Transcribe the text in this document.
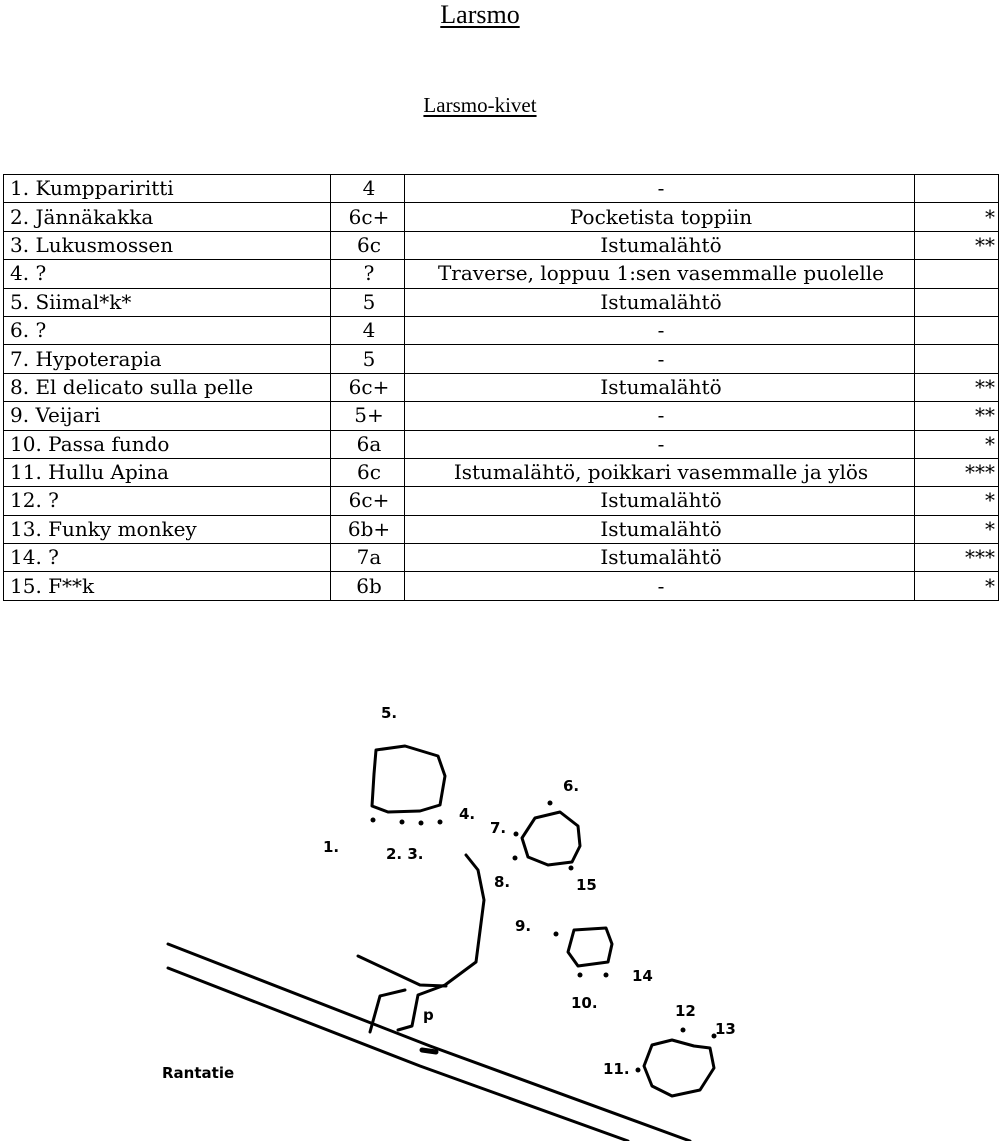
Larsmo
Larsmo-kivet
1. Kumppariritti	4	-	
2. Jännäkakka	6c+	Pocketista toppiin	*
3. Lukusmossen	6c	Istumalähtö	**
4. ?	?	Traverse, loppuu 1:sen vasemmalle puolelle	
5. Siimal*k*	5	Istumalähtö	
6. ?	4	-	
7. Hypoterapia	5	-	
8. El delicato sulla pelle	6c+	Istumalähtö	**
9. Veijari	5+	-	**
10. Passa fundo	6a	-	*
11. Hullu Apina	6c	Istumalähtö, poikkari vasemmalle ja ylös	***
12. ?	6c+	Istumalähtö	*
13. Funky monkey	6b+	Istumalähtö	*
14. ?	7a	Istumalähtö	***
15. F**k	6b	-	*
5.
1.	2. 3.
4.
6.
7.
8.	15
9.
14
10.	12
13
11.
p
Rantatie
